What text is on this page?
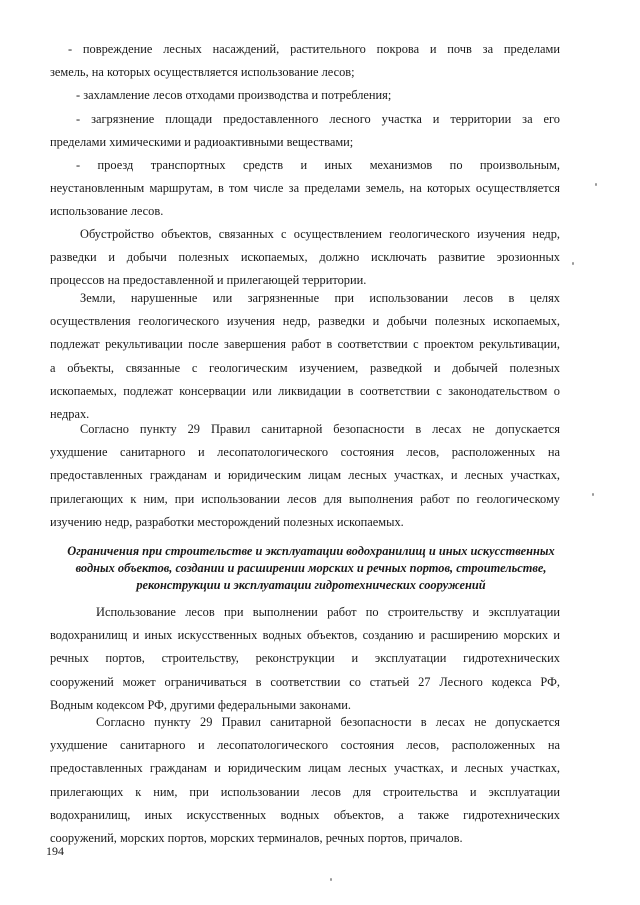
- повреждение лесных насаждений, растительного покрова и почв за пределами
земель, на которых осуществляется использование лесов;
- захламление лесов отходами производства и потребления;
- загрязнение площади предоставленного лесного участка и территории за его
пределами химическими и радиоактивными веществами;
- проезд транспортных средств и иных механизмов по произвольным,
неустановленным маршрутам, в том числе за пределами земель, на которых осуществляется
использование лесов.
Обустройство объектов, связанных с осуществлением геологического изучения недр,
разведки и добычи полезных ископаемых, должно исключать развитие эрозионных
процессов на предоставленной и прилегающей территории.
Земли, нарушенные или загрязненные при использовании лесов в целях
осуществления геологического изучения недр, разведки и добычи полезных ископаемых,
подлежат рекультивации после завершения работ в соответствии с проектом рекультивации,
а объекты, связанные с геологическим изучением, разведкой и добычей полезных
ископаемых, подлежат консервации или ликвидации в соответствии с законодательством о
недрах.
Согласно пункту 29 Правил санитарной безопасности в лесах не допускается
ухудшение санитарного и лесопатологического состояния лесов, расположенных на
предоставленных гражданам и юридическим лицам лесных участках, и лесных участках,
прилегающих к ним, при использовании лесов для выполнения работ по геологическому
изучению недр, разработки месторождений полезных ископаемых.
Ограничения при строительстве и эксплуатации водохранилищ и иных искусственных
водных объектов, создании и расширении морских и речных портов, строительстве,
реконструкции и эксплуатации гидротехнических сооружений
Использование лесов при выполнении работ по строительству и эксплуатации
водохранилищ и иных искусственных водных объектов, созданию и расширению морских и
речных портов, строительству, реконструкции и эксплуатации гидротехнических
сооружений может ограничиваться в соответствии со статьей 27 Лесного кодекса РФ,
Водным кодексом РФ, другими федеральными законами.
Согласно пункту 29 Правил санитарной безопасности в лесах не допускается
ухудшение санитарного и лесопатологического состояния лесов, расположенных на
предоставленных гражданам и юридическим лицам лесных участках, и лесных участках,
прилегающих к ним, при использовании лесов для строительства и эксплуатации
водохранилищ, иных искусственных водных объектов, а также гидротехнических
сооружений, морских портов, морских терминалов, речных портов, причалов.
194
